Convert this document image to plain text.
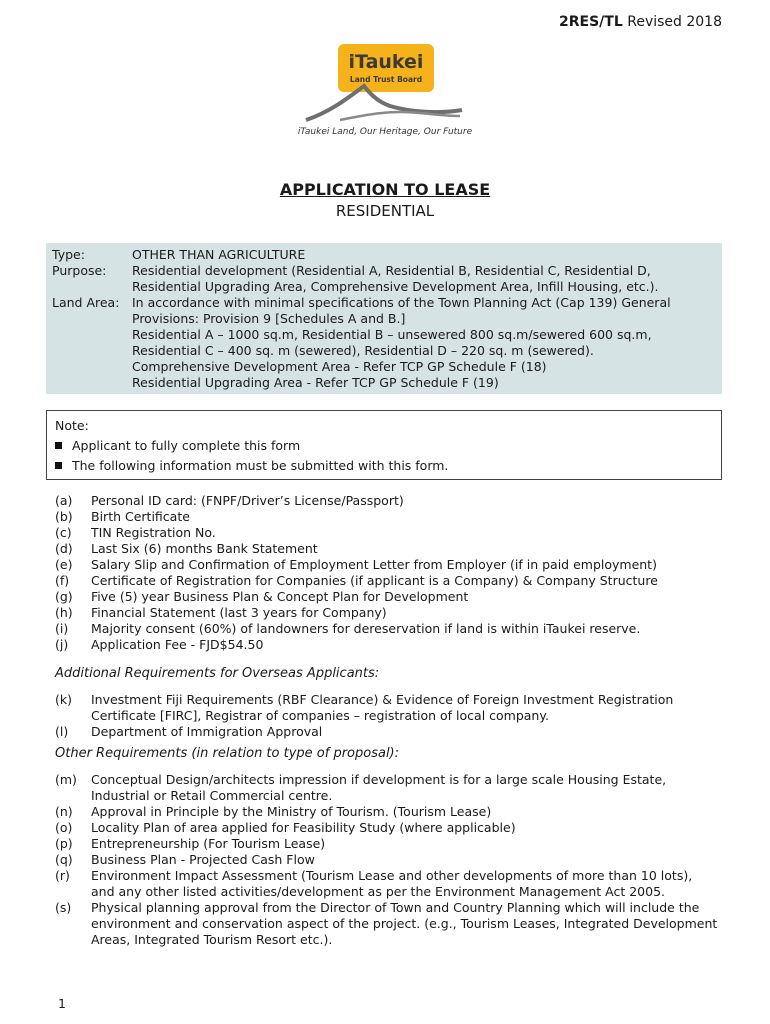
2RES/TL Revised 2018
iTaukei
Land Trust Board
iTaukei Land, Our Heritage, Our Future
APPLICATION TO LEASE
RESIDENTIAL
Type:	OTHER THAN AGRICULTURE
Purpose:	Residential development (Residential A, Residential B, Residential C, Residential D,
Residential Upgrading Area, Comprehensive Development Area, Infill Housing, etc.).
Land Area:	In accordance with minimal specifications of the Town Planning Act (Cap 139) General
Provisions: Provision 9 [Schedules A and B.]
Residential A – 1000 sq.m, Residential B – unsewered 800 sq.m/sewered 600 sq.m,
Residential C – 400 sq. m (sewered), Residential D – 220 sq. m (sewered).
Comprehensive Development Area - Refer TCP GP Schedule F (18)
Residential Upgrading Area - Refer TCP GP Schedule F (19)
Note:
Applicant to fully complete this form
The following information must be submitted with this form.
(a)	Personal ID card: (FNPF/Driver’s License/Passport)
(b)	Birth Certificate
(c)	TIN Registration No.
(d)	Last Six (6) months Bank Statement
(e)	Salary Slip and Confirmation of Employment Letter from Employer (if in paid employment)
(f)	Certificate of Registration for Companies (if applicant is a Company) & Company Structure
(g)	Five (5) year Business Plan & Concept Plan for Development
(h)	Financial Statement (last 3 years for Company)
(i)	Majority consent (60%) of landowners for dereservation if land is within iTaukei reserve.
(j)	Application Fee - FJD$54.50
Additional Requirements for Overseas Applicants:
(k)	Investment Fiji Requirements (RBF Clearance) & Evidence of Foreign Investment Registration
Certificate [FIRC], Registrar of companies – registration of local company.
(l)	Department of Immigration Approval
Other Requirements (in relation to type of proposal):
(m)	Conceptual Design/architects impression if development is for a large scale Housing Estate,
Industrial or Retail Commercial centre.
(n)	Approval in Principle by the Ministry of Tourism. (Tourism Lease)
(o)	Locality Plan of area applied for Feasibility Study (where applicable)
(p)	Entrepreneurship (For Tourism Lease)
(q)	Business Plan - Projected Cash Flow
(r)	Environment Impact Assessment (Tourism Lease and other developments of more than 10 lots),
and any other listed activities/development as per the Environment Management Act 2005.
(s)	Physical planning approval from the Director of Town and Country Planning which will include the
environment and conservation aspect of the project. (e.g., Tourism Leases, Integrated Development
Areas, Integrated Tourism Resort etc.).
1
